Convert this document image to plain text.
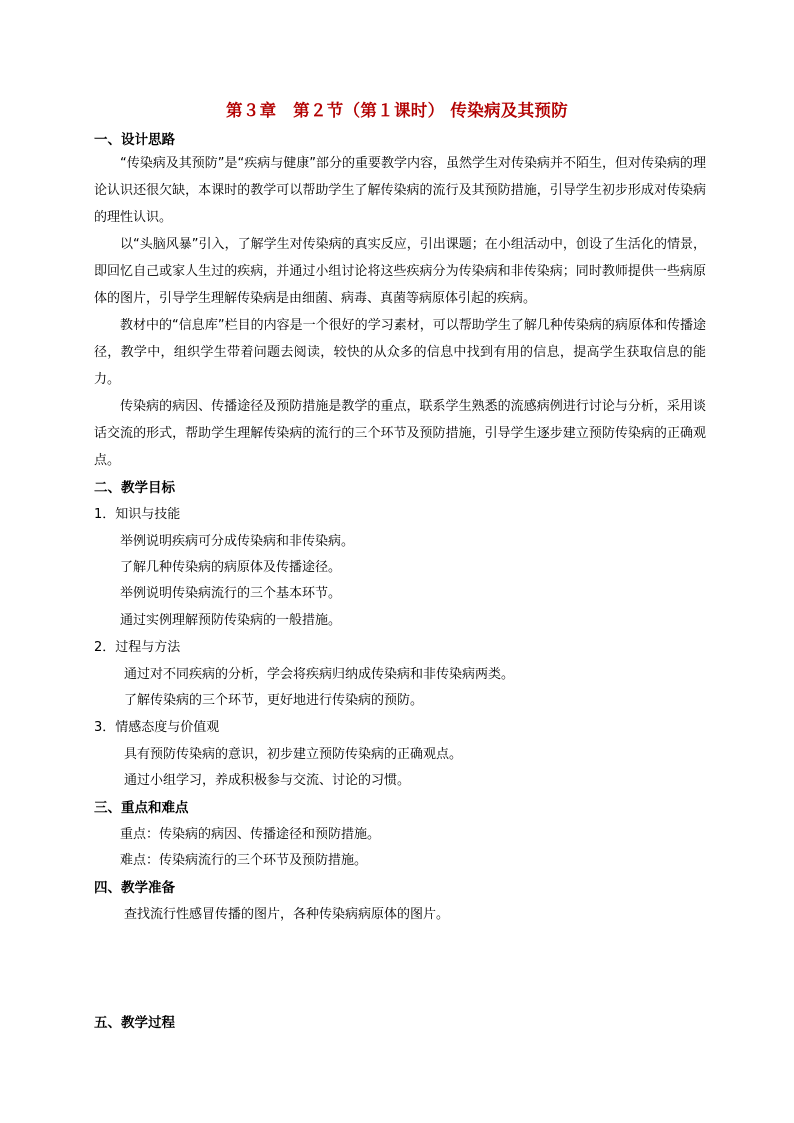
第３章　第２节（第１课时） 传染病及其预防
一、设计思路
“传染病及其预防”是“疾病与健康”部分的重要教学内容，虽然学生对传染病并不陌生，但对传染病的理论认识还很欠缺，本课时的教学可以帮助学生了解传染病的流行及其预防措施，引导学生初步形成对传染病的理性认识。
以“头脑风暴”引入，了解学生对传染病的真实反应，引出课题；在小组活动中，创设了生活化的情景，即回忆自己或家人生过的疾病，并通过小组讨论将这些疾病分为传染病和非传染病；同时教师提供一些病原体的图片，引导学生理解传染病是由细菌、病毒、真菌等病原体引起的疾病。
教材中的“信息库”栏目的内容是一个很好的学习素材，可以帮助学生了解几种传染病的病原体和传播途径，教学中，组织学生带着问题去阅读，较快的从众多的信息中找到有用的信息，提高学生获取信息的能力。
传染病的病因、传播途径及预防措施是教学的重点，联系学生熟悉的流感病例进行讨论与分析，采用谈话交流的形式，帮助学生理解传染病的流行的三个环节及预防措施，引导学生逐步建立预防传染病的正确观点。
二、教学目标
1．知识与技能
举例说明疾病可分成传染病和非传染病。
了解几种传染病的病原体及传播途径。
举例说明传染病流行的三个基本环节。
通过实例理解预防传染病的一般措施。
2．过程与方法
通过对不同疾病的分析，学会将疾病归纳成传染病和非传染病两类。
了解传染病的三个环节，更好地进行传染病的预防。
3．情感态度与价值观
具有预防传染病的意识，初步建立预防传染病的正确观点。
通过小组学习，养成积极参与交流、讨论的习惯。
三、重点和难点
重点：传染病的病因、传播途径和预防措施。
难点：传染病流行的三个环节及预防措施。
四、教学准备
查找流行性感冒传播的图片，各种传染病病原体的图片。
五、教学过程
